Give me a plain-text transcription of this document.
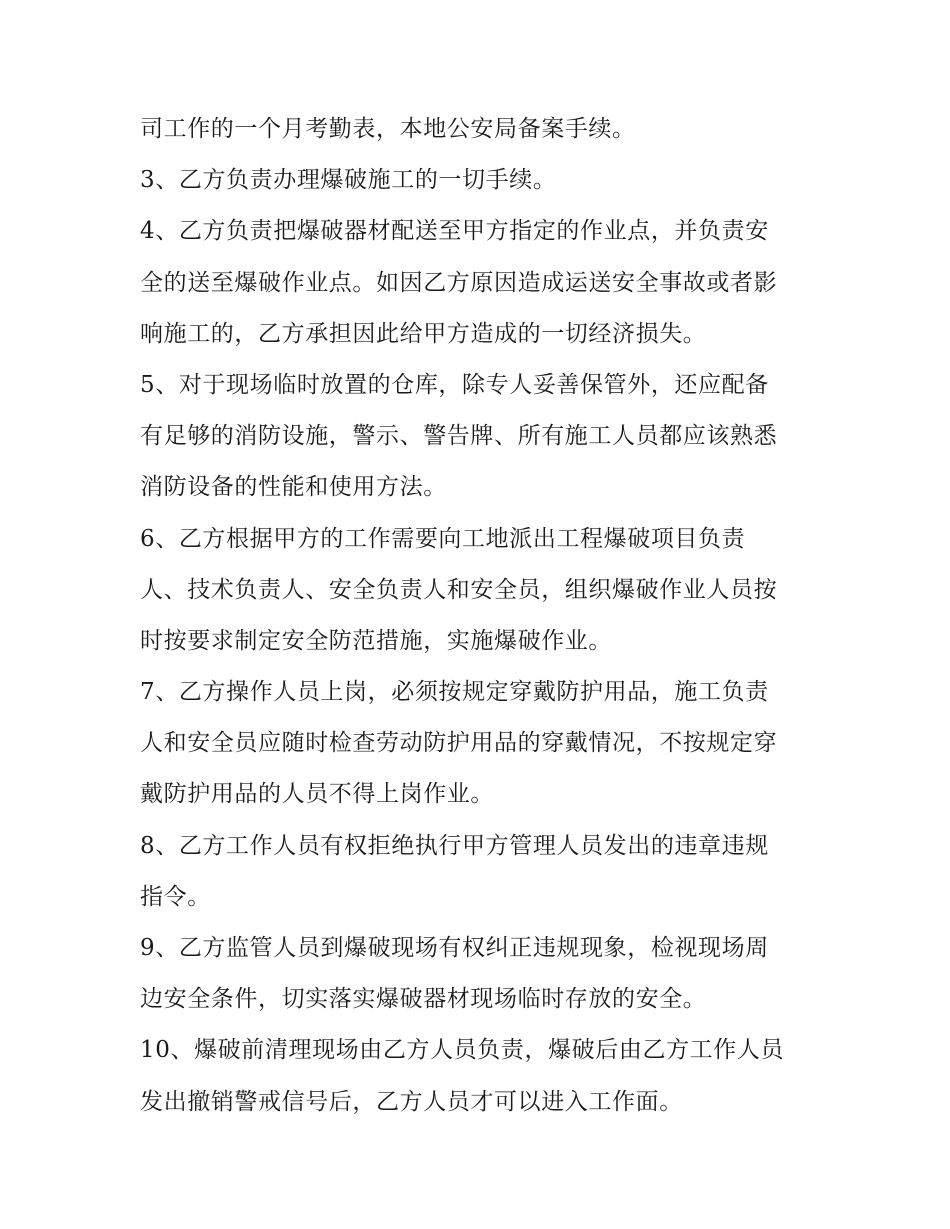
司工作的一个月考勤表，本地公安局备案手续。
3、乙方负责办理爆破施工的一切手续。
4、乙方负责把爆破器材配送至甲方指定的作业点，并负责安
全的送至爆破作业点。如因乙方原因造成运送安全事故或者影
响施工的，乙方承担因此给甲方造成的一切经济损失。
5、对于现场临时放置的仓库，除专人妥善保管外，还应配备
有足够的消防设施，警示、警告牌、所有施工人员都应该熟悉
消防设备的性能和使用方法。
6、乙方根据甲方的工作需要向工地派出工程爆破项目负责
人、技术负责人、安全负责人和安全员，组织爆破作业人员按
时按要求制定安全防范措施，实施爆破作业。
7、乙方操作人员上岗，必须按规定穿戴防护用品，施工负责
人和安全员应随时检查劳动防护用品的穿戴情况，不按规定穿
戴防护用品的人员不得上岗作业。
8、乙方工作人员有权拒绝执行甲方管理人员发出的违章违规
指令。
9、乙方监管人员到爆破现场有权纠正违规现象，检视现场周
边安全条件，切实落实爆破器材现场临时存放的安全。
10、爆破前清理现场由乙方人员负责，爆破后由乙方工作人员
发出撤销警戒信号后，乙方人员才可以进入工作面。
